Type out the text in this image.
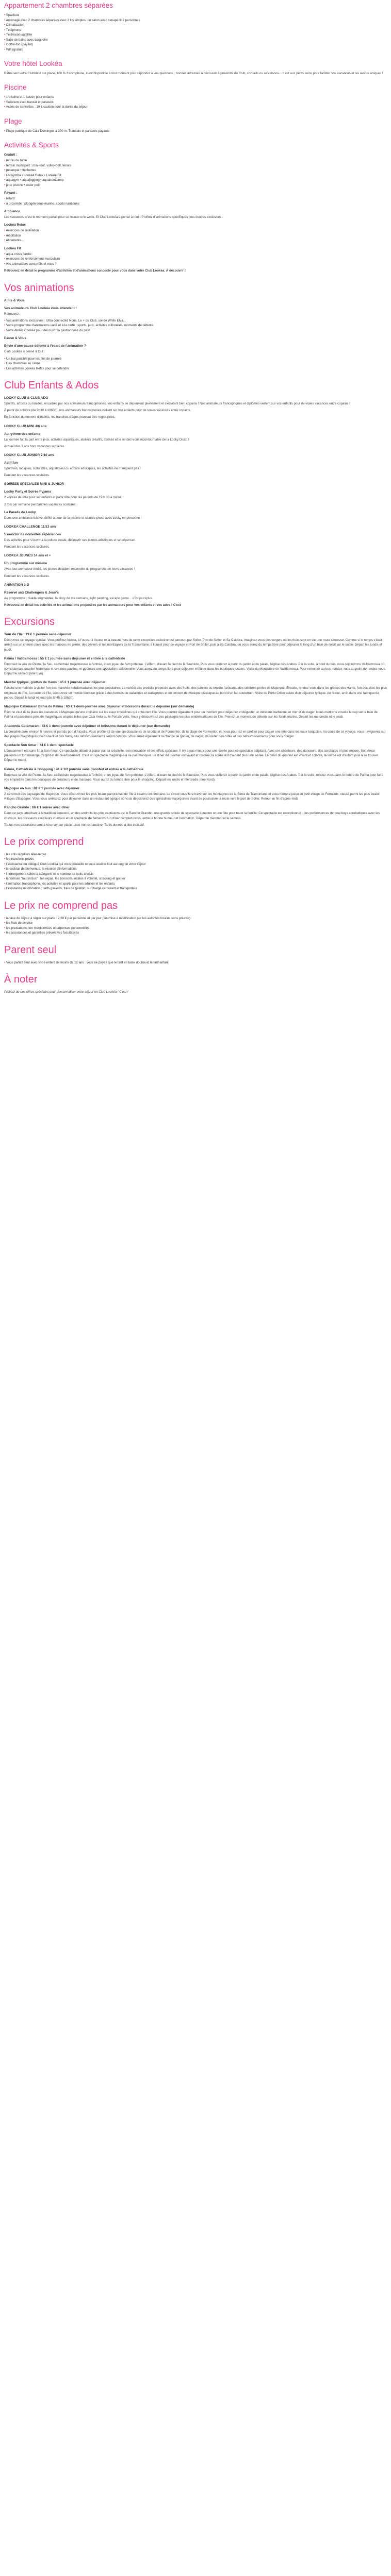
Appartement 2 chambres séparées
• Spacieux
• Aménagé avec 2 chambres séparées avec 2 lits simples, un salon avec canapé lit 2 personnes
• Climatisation
• Téléphone
• Télévision satellite
• Salle de bains avec baignoire
• Coffre-fort (payant)
• Wifi (gratuit)
Votre hôtel Lookéa

Retrouvez votre Clubhôtel sur place, 100 % francophone, il est disponible à tout moment pour répondre à vos questions ; bonnes adresses à découvrir à proximité du Club, conseils ou assistance... Il est aux petits soins pour faciliter vos vacances et les rendre uniques !

Piscine
• 1 piscine et 1 bassin pour enfants
• Solarium avec transat et parasols
• Accès de serviettes : 10 € caution pour la durée du séjour
Plage
• Plage publique de Cala Domingos à 300 m. Transats et parasols payants
Activités & Sports
Gratuit :
• tennis de table
• terrain multisport : mini-foot, volley-ball, tennis
• pétanque • fléchettes
• Lookymba • Lookéa Relax • Lookéa Fit
• aquagym • aquajogging • aquabootcamp
• jeux piscine • water polo
Payant :
• billard
• à proximité : plongée sous-marine, sports nautiques
Ambiance

Les vacances, c'est le moment parfait pour se relaxer une week. Et Club Lookéa a pensé à tout ! Profitez d'animations spécifiques plus douces exclusives :

Lookéa Relax
• exercices de relaxation
• méditation
• étirements...
Lookéa Fit
• aqua cross cardio
• exercices de renforcement musculaire
• vos animateurs sont prêts et vous ?

Retrouvez en détail le programme d'activités et d'animations concocté pour vous dans votre Club Lookéa. À découvrir !

Vos animations
Amis & Vous
Vos animateurs Club Lookéa vous attendent !

Retrouvez :

• Vos animations exclusives : Ultra connectez Nous, Le + du Club, soirée White Elva...
• Votre programme d'animations varié et à la carte : sports, jeux, activités culturelles, moments de détente
• Votre Atelier Cookéa pour découvrir la gastronomie du pays
Pause & Vous
Envie d'une pause détente à l'écart de l'animation ?

Club Lookéa a pensé à tout :

• Un bar paisible pour les fins de journée
• Des chambres au calme
• Les activités Lookéa Relax pour se détendre
Club Enfants & Ados
LOOKY CLUB & CLUB ADO

Sportifs, artistes ou timides, encadrés par nos animateurs francophones, vos enfants se dépensent pleinement et s'éclatent bien copains ! Nos animateurs francophones et diplômés veillent sur vos enfants pour de vraies vacances entre copains !

À partir de octobre (de 9h30 à 18h00), nos animateurs francophones veillent sur vos enfants pour de vraies vacances entre copains.

En fonction du nombre d'inscrits, les tranches d'âges peuvent être regroupées.

LOOKY CLUB MINI 4/6 ans
Au rythme des enfants

La journée fait la part entre jeux, activités aquatiques, ateliers créatifs, danses et le rendez-vous incontournable de la Looky Disco !

Accueil des 3 ans hors vacances scolaires.

LOOKY CLUB JUNIOR 7/10 ans
Actif fun

Sportives, ludiques, culturelles, aquatiques ou encore artistiques, les activités ne manquent pas !

Pendant les vacances scolaires.

SOIREES SPECIALES MINI & JUNIOR
Looky Party et Soirée Pyjama

2 soirées de folie pour les enfants et partir fête pour les parents de 19 h 30 à minuit !

2 fois par semaine pendant les vacances scolaires.

La Parade de Looky

Dans une ambiance festive, défilé autour de la piscine et séance photo avec Looky en personne !

LOOKEA CHALLENGE 11/13 ans
S'enrichir de nouvelles expériences

Des activités pour s'ouvrir à la culture locale, découvrir ses talents artistiques et se dépenser.

Pendant les vacances scolaires.

LOOKEA JEUNES 14 ans et +
Un programme sur mesure

Avec leur animateur dédié, les jeunes décident ensemble du programme de leurs vacances !

Pendant les vacances scolaires.

ANIMATION 3-D
Réservé aux Challengers & Jeun's

Au programme : réalité augmentée, la story de ma semaine, light painting, escape game... #Toujoursplus.

Retrouvez en détail les activités et les animations proposées par les animateurs pour vos enfants et vos ados ! C'est

Excursions
Tour de l'île : 79 € 1 journée sans déjeuner

Découvrez ce voyage spécial. Vous profitez l'odeur, à l'ouest, à l'ouest et la beauté hors de cette excursion exclusive qui parcourt par Soller, Port de Soller et Sa Calobra. Imaginez vous des vergers où les fruits sont en vie une route sinueuse. Comme si le temps s'était arrêté sur un chemin pavé avec les maisons en pierre, des oliviers et les montagnes de la Tramuntane, à l'ouest pour ce voyage et Port de Soller, puis à Sa Calobra, où vous aurez du temps libre pour déjeuner le long d'un bain de soleil sur le sable. Départ les lundis et jeudi.

Palma / Valldemossa : 55 € 1 journée sans déjeuner et entrée à la cathédrale

Emprisez la ville de Palma, la Seu, cathédrale majestueuse à l'entrée, et un joyau de l'art gothique. L'Alfaro, d'avant la pied de la Saunèze. Puis vous visiterez à partir du jardin et du palais, l'église des Arabes. Par la suite, à bord du bus, nous rejoindrons Valldemossa où son charmant quartier historique et ses rues pavées, et goûterez une spécialité traditionnelle. Vous aurez du temps libre pour déjeuner et flâner dans les boutiques locales. Visite du Monastère de Valldemossa. Pour remonter au bus, rendez-vous au point de rendez-vous. Départ le samedi (one Eve).

Marché typique, grottes de Hams : 45 € 1 journée avec déjeuner

Passez une matinée à visiter l'un des marchés hebdomadaires les plus populaires. La variété des produits proposés avec des fruits, des paniers ou encore l'artisanat des célèbres perles de Majorque. Ensuite, rendez-vous dans les grottes des Hams, l'un des sites les plus originaux de l'île. Au cœur de l'île, découvrez un monde féerique grâce à des tunnels de stalactites et stalagmites et un concert de musique classique au bord d'un lac souterrain. Visite de Porto Cristo suivie d'un déjeuner typique. Au retour, arrêt dans une fabrique de perles. Départ le lundi et jeudi (de 8h45 à 18h30).

Majorque Catamaran Bahia de Palma : 63 € 1 demi-journée avec déjeuner et boissons durant le déjeuner (sur demande)

Rien ne vaut de la place les vacances à Majorque qu'une croisière sur les eaux cristallines qui entourent l'île. Vous pourrez également pour un moment pour déjeuner et déguster un délicieux barbecue en mer et de nager. Nous mettrons ensuite le cap sur la baie de Palma et passerons près de magnifiques criques telles que Cala Vella ou le Portals Vells. Vous y découvrirez des paysages les plus emblématiques de l'île. Prenez un moment de détente sur les fonds marins. Départ les mercredis et le jeudi.

Anaconda Catamaran : 58 € 1 demi-journée avec déjeuner et boissons durant le déjeuner (sur demande)

La croisière dure environ 5 heures et part du port d'Alcudia. Vous profiterez de vue spectaculaires de la côte et de Formentor, de la plage de Formentor, et, vous pourrez en profiter pour piquer une tête dans les eaux turquoise. Au cours de ce voyage, vous naviguerez sur des plages magnifiques avec snack et des fruits, des rafraîchissements seront compris. Vous aurez également la chance de goûter, de nager, de visiter des côtés et des rafraîchissements pour vous bouger.

Spectacle Son Amar : 74 € 1 demi spectacle

L'amusement est sans fin à Son Amar. Ce spectacle débute à plaisir par sa créativité, son innovation et ses effets spéciaux. Il n'y a pas mieux pour une soirée pour ce spectacle palpitant. Avec ses chanteurs, des danseurs, des acrobates et plus encore, Son Amar présente un fort mélange d'esprit et de divertissement. C'est un spectacle magnifique à ne pas manquer. Le dîner du quartier est vivant et colorée, la soirée est d'autant plus une soirée. Le dîner du quartier est vivant et colorée, la soirée est d'autant plus à se trouver. Départ le mardi.

Palma, Cathédrale & Shopping : 41 € 1/2 journée sans transfert et entrée à la cathédrale

Emprisez la ville de Palma, la Seu, cathédrale majestueuse à l'entrée, et un joyau de l'art gothique. L'Alfaro, d'avant la pied de la Saunèze. Puis vous visiterez à partir du jardin et du palais, l'église des Arabes. Par la suite, rendez-vous dans le centre de Palma pour faire vos emplettes dans les boutiques de créateurs et de marques. Vous aurez du temps libre pour le shopping. Départ les lundis et mercredis (one Nord).

Majorque en bus : 82 € 1 journée avec déjeuner

À ce circuit des paysages de Majorque. Vous découvrirez les plus beaux panoramas de l'île à travers cet itinéraire. Le circuit vous fera traverser les montagnes de la Serra de Tramuntane et vous mènera jusqu'au petit village de Fornalutx, classé parmi les plus beaux villages d'Espagne. Vous vous arrêterez pour déjeuner dans un restaurant typique où vous dégusterez des spécialités majorquines avant de poursuivre la route vers le port de Sóller. Retour en fin d'après-midi.

Rancho Grande : 66 € 1 soirée avec dîner

Dans ce pays attachant à la tradition équestre, un des endroits les plus captivants est le Rancho Grande ; une grande soirée de spectacle équestre et une fête pour toute la famille. Ce spectacle est exceptionnel ; des performances de cow-boys acrobatiques avec les chevaux, les dresseurs avec leurs chevaux et un spectacle de flamenco. Un dîner complet inclus, entre la bonne humeur et l'animation. Départ le mercredi et le samedi.

Toutes nos excursions sont à réserver sur place. Liste non exhaustive. Tarifs donnés à titre indicatif.

Le prix comprend
• les vols réguliers aller-retour
• les transferts privés
• l'assistance du délégué Club Lookéa qui vous conseille et vous assiste tout au long de votre séjour
• le cocktail de bienvenue, la réunion d'informations
• l'hébergement selon la catégorie et le nombre de nuits choisis
• la formule "tout inclus" : les repas, les boissons locales à volonté, snacking et goûter
• l'animation francophone, les activités et sports pour les adultes et les enfants
• l'assurance modification : tarifs garantis, frais de gestion, surcharge carburant et transporteur
Le prix ne comprend pas
• la taxe de séjour à régler sur place : 2,20 € par personne et par jour (soumise à modification par les autorités locales sans préavis)
• les frais de service
• les prestations non mentionnées et dépenses personnelles
• les assurances et garanties préventives facultatives
Parent seul
• Vous partez seul avec votre enfant de moins de 12 ans : vous ne payez que le tarif en base double et le tarif enfant.
À noter

Profitez de nos offres spéciales pour personnaliser votre séjour en Club Lookéa ! C'est !
